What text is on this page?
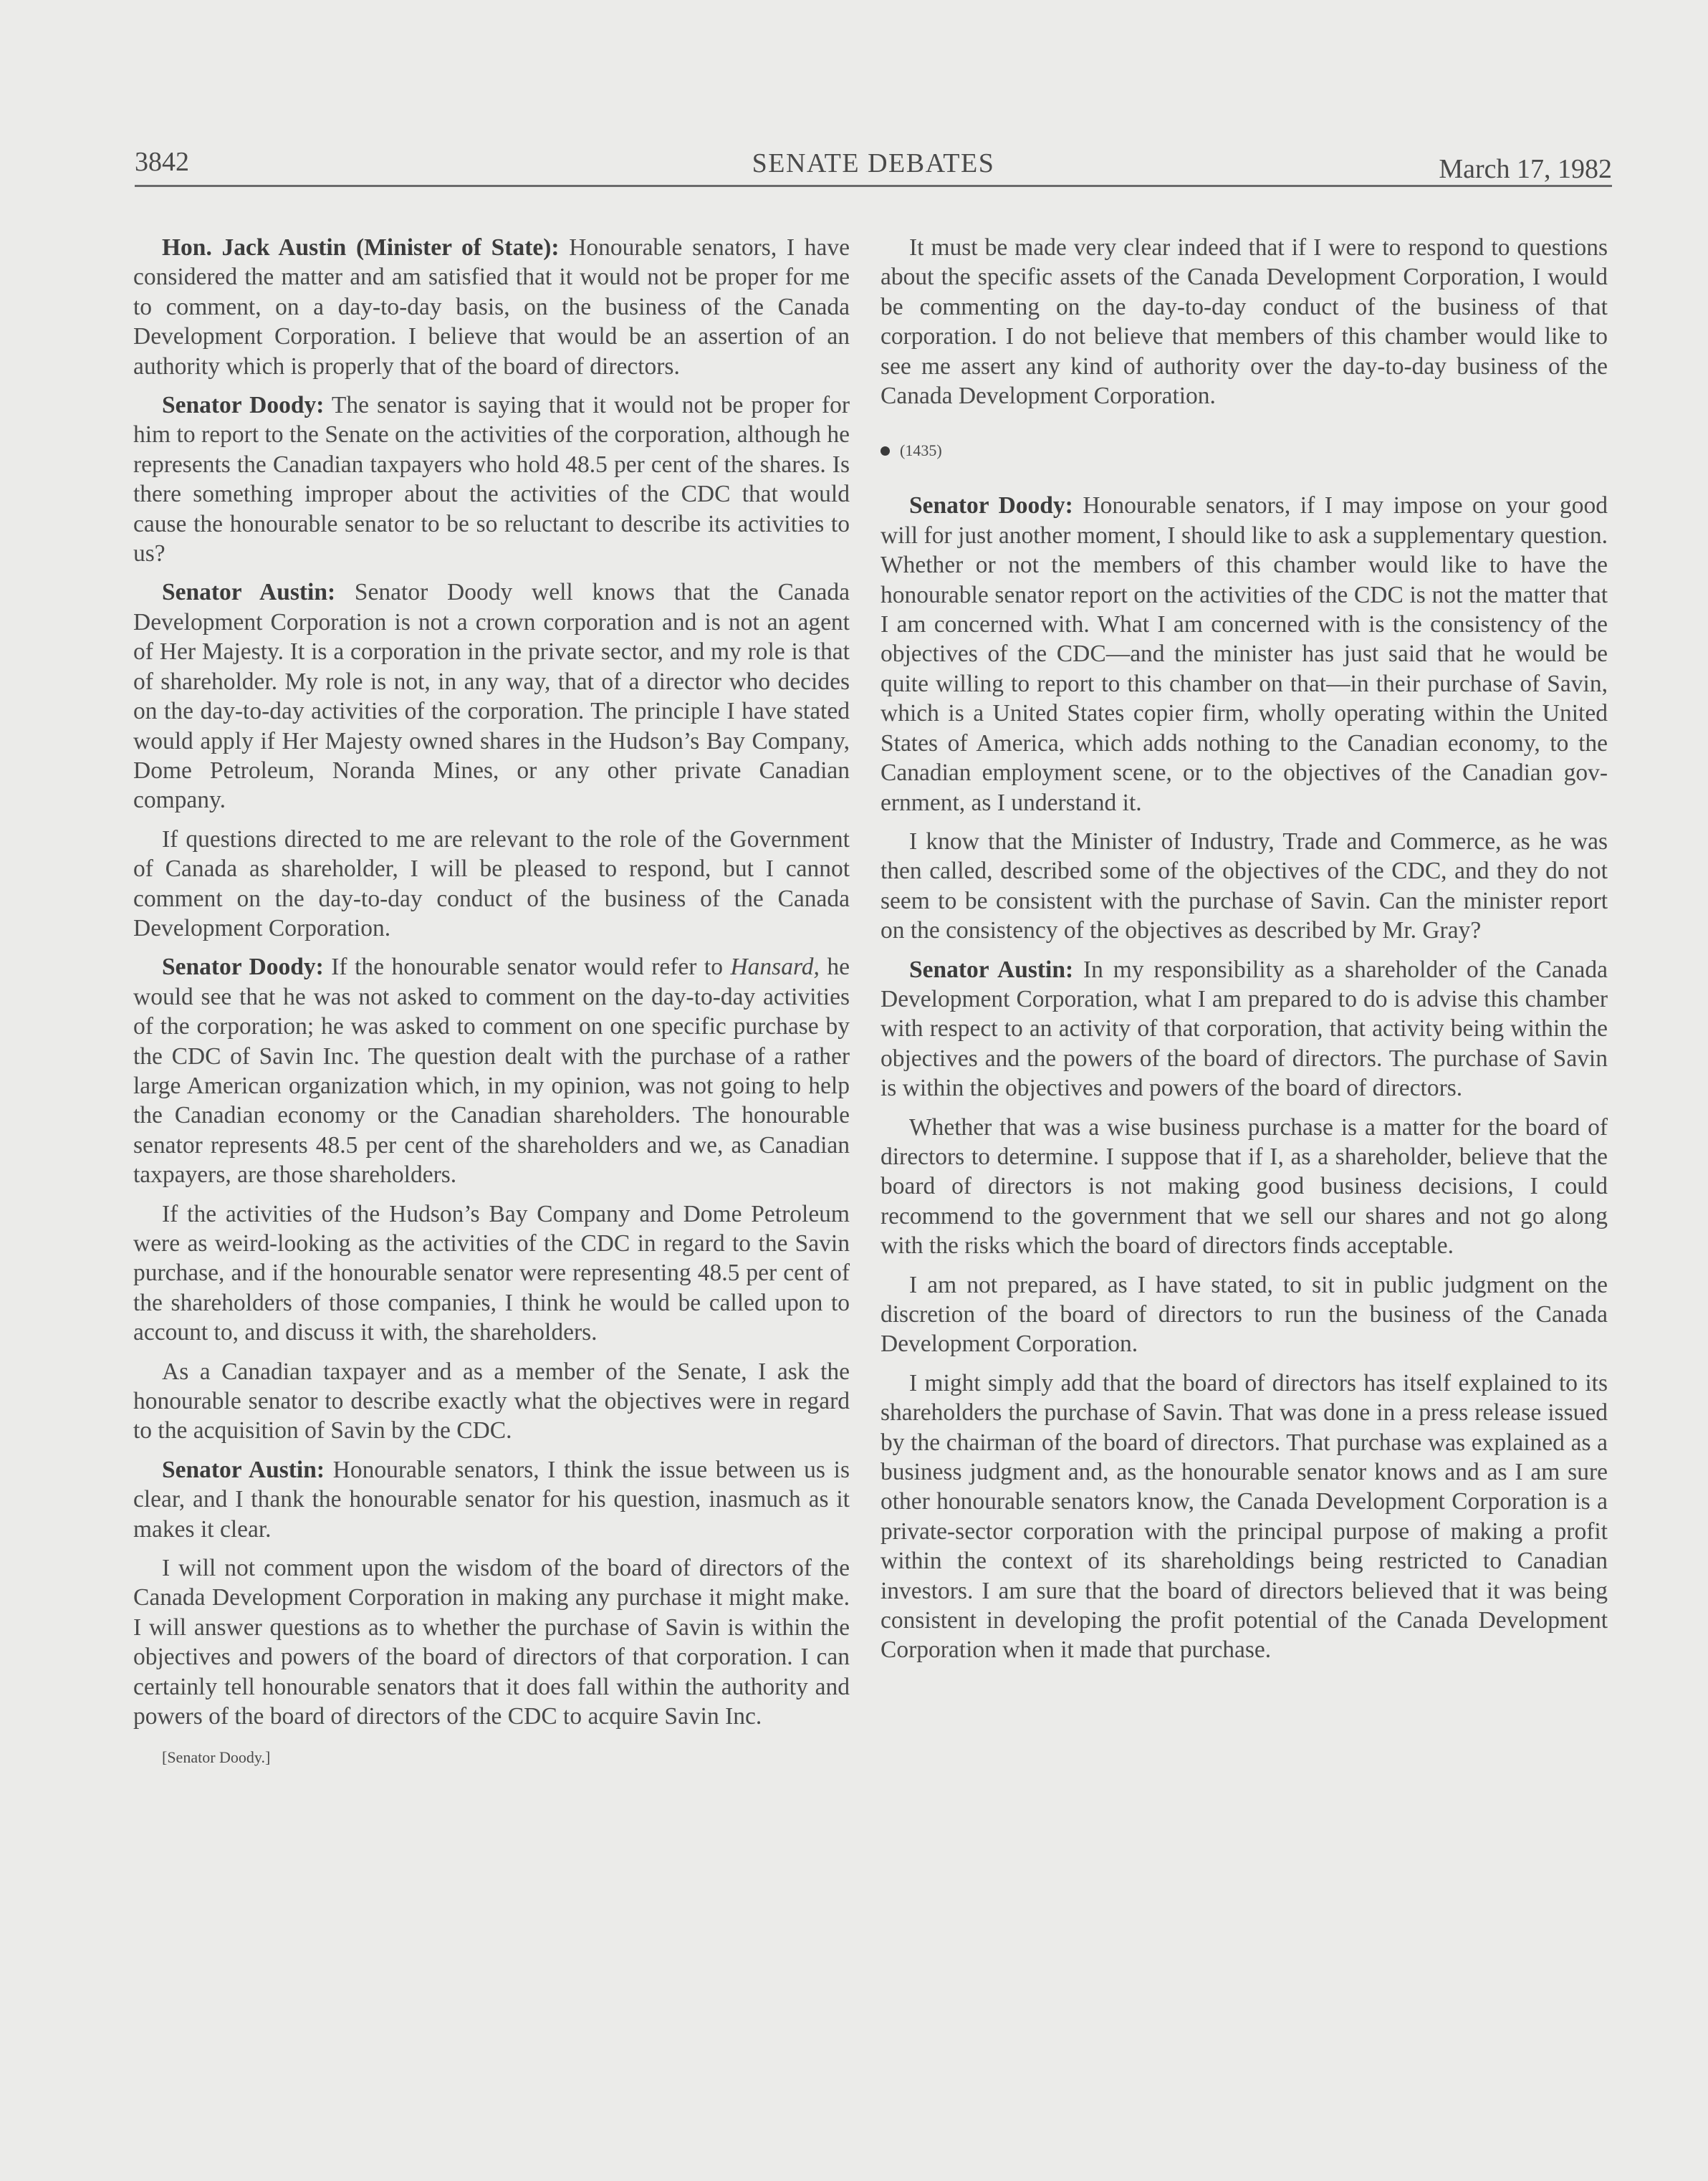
3842	SENATE DEBATES	March 17, 1982

Hon. Jack Austin (Minister of State): Honourable senators, I have considered the matter and am satisfied that it would not be proper for me to comment, on a day-to-day basis, on the business of the Canada Development Corporation. I believe that would be an assertion of an authority which is properly that of the board of directors.

Senator Doody: The senator is saying that it would not be proper for him to report to the Senate on the activities of the corporation, although he represents the Canadian taxpayers who hold 48.5 per cent of the shares. Is there something improper about the activities of the CDC that would cause the honourable senator to be so reluctant to describe its activities to us?

Senator Austin: Senator Doody well knows that the Canada Development Corporation is not a crown corporation and is not an agent of Her Majesty. It is a corporation in the private sector, and my role is that of shareholder. My role is not, in any way, that of a director who decides on the day-to-day activities of the corporation. The principle I have stated would apply if Her Majesty owned shares in the Hudson’s Bay Company, Dome Petroleum, Noranda Mines, or any other private Canadian company.

If questions directed to me are relevant to the role of the Government of Canada as shareholder, I will be pleased to respond, but I cannot comment on the day-to-day conduct of the business of the Canada Development Corporation.

Senator Doody: If the honourable senator would refer to Hansard, he would see that he was not asked to comment on the day-to-day activities of the corporation; he was asked to comment on one specific purchase by the CDC of Savin Inc. The question dealt with the purchase of a rather large American organization which, in my opinion, was not going to help the Canadian economy or the Canadian shareholders. The honourable senator represents 48.5 per cent of the shareholders and we, as Canadian taxpayers, are those shareholders.

If the activities of the Hudson’s Bay Company and Dome Petroleum were as weird-looking as the activities of the CDC in regard to the Savin purchase, and if the honourable senator were representing 48.5 per cent of the shareholders of those companies, I think he would be called upon to account to, and discuss it with, the shareholders.

As a Canadian taxpayer and as a member of the Senate, I ask the honourable senator to describe exactly what the objectives were in regard to the acquisition of Savin by the CDC.

Senator Austin: Honourable senators, I think the issue between us is clear, and I thank the honourable senator for his question, inasmuch as it makes it clear.

I will not comment upon the wisdom of the board of directors of the Canada Development Corporation in making any purchase it might make. I will answer questions as to whether the purchase of Savin is within the objectives and powers of the board of directors of that corporation. I can certainly tell honourable senators that it does fall within the authority and powers of the board of directors of the CDC to acquire Savin Inc.

[Senator Doody.]

It must be made very clear indeed that if I were to respond to questions about the specific assets of the Canada Development Corporation, I would be commenting on the day-to-day conduct of the business of that corporation. I do not believe that members of this chamber would like to see me assert any kind of authority over the day-to-day business of the Canada Development Corporation.

(1435)

Senator Doody: Honourable senators, if I may impose on your good will for just another moment, I should like to ask a supplementary question. Whether or not the members of this chamber would like to have the honourable senator report on the activities of the CDC is not the matter that I am concerned with. What I am concerned with is the consistency of the objectives of the CDC—and the minister has just said that he would be quite willing to report to this chamber on that—in their purchase of Savin, which is a United States copier firm, wholly operating within the United States of America, which adds nothing to the Canadian economy, to the Canadian employment scene, or to the objectives of the Canadian government, as I understand it.

I know that the Minister of Industry, Trade and Commerce, as he was then called, described some of the objectives of the CDC, and they do not seem to be consistent with the purchase of Savin. Can the minister report on the consistency of the objectives as described by Mr. Gray?

Senator Austin: In my responsibility as a shareholder of the Canada Development Corporation, what I am prepared to do is advise this chamber with respect to an activity of that corporation, that activity being within the objectives and the powers of the board of directors. The purchase of Savin is within the objectives and powers of the board of directors.

Whether that was a wise business purchase is a matter for the board of directors to determine. I suppose that if I, as a shareholder, believe that the board of directors is not making good business decisions, I could recommend to the government that we sell our shares and not go along with the risks which the board of directors finds acceptable.

I am not prepared, as I have stated, to sit in public judgment on the discretion of the board of directors to run the business of the Canada Development Corporation.

I might simply add that the board of directors has itself explained to its shareholders the purchase of Savin. That was done in a press release issued by the chairman of the board of directors. That purchase was explained as a business judgment and, as the honourable senator knows and as I am sure other honourable senators know, the Canada Development Corporation is a private-sector corporation with the principal purpose of making a profit within the context of its shareholdings being restricted to Canadian investors. I am sure that the board of directors believed that it was being consistent in developing the profit potential of the Canada Development Corporation when it made that purchase.
